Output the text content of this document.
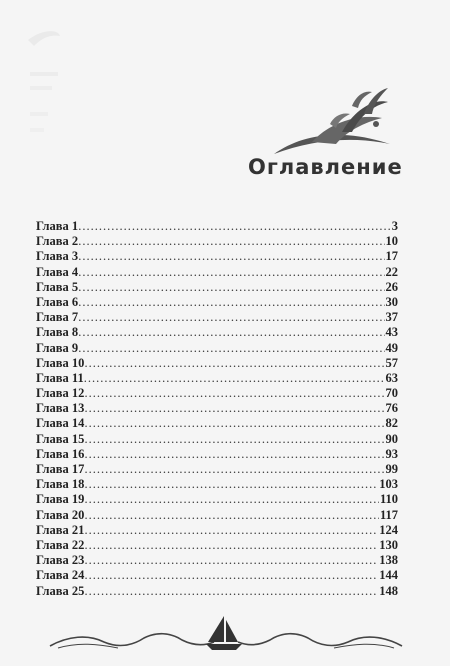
Оглавление
Глава 1 .....	3
Глава 2 .....	10
Глава 3 .....	17
Глава 4 .....	22
Глава 5 .....	26
Глава 6 .....	30
Глава 7 .....	37
Глава 8 .....	43
Глава 9 .....	49
Глава 10 .....	57
Глава 11 .....	63
Глава 12 .....	70
Глава 13 .....	76
Глава 14 .....	82
Глава 15 .....	90
Глава 16 .....	93
Глава 17 .....	99
Глава 18 .....	103
Глава 19 .....	110
Глава 20 .....	117
Глава 21 .....	124
Глава 22 .....	130
Глава 23 .....	138
Глава 24 .....	144
Глава 25 .....	148
